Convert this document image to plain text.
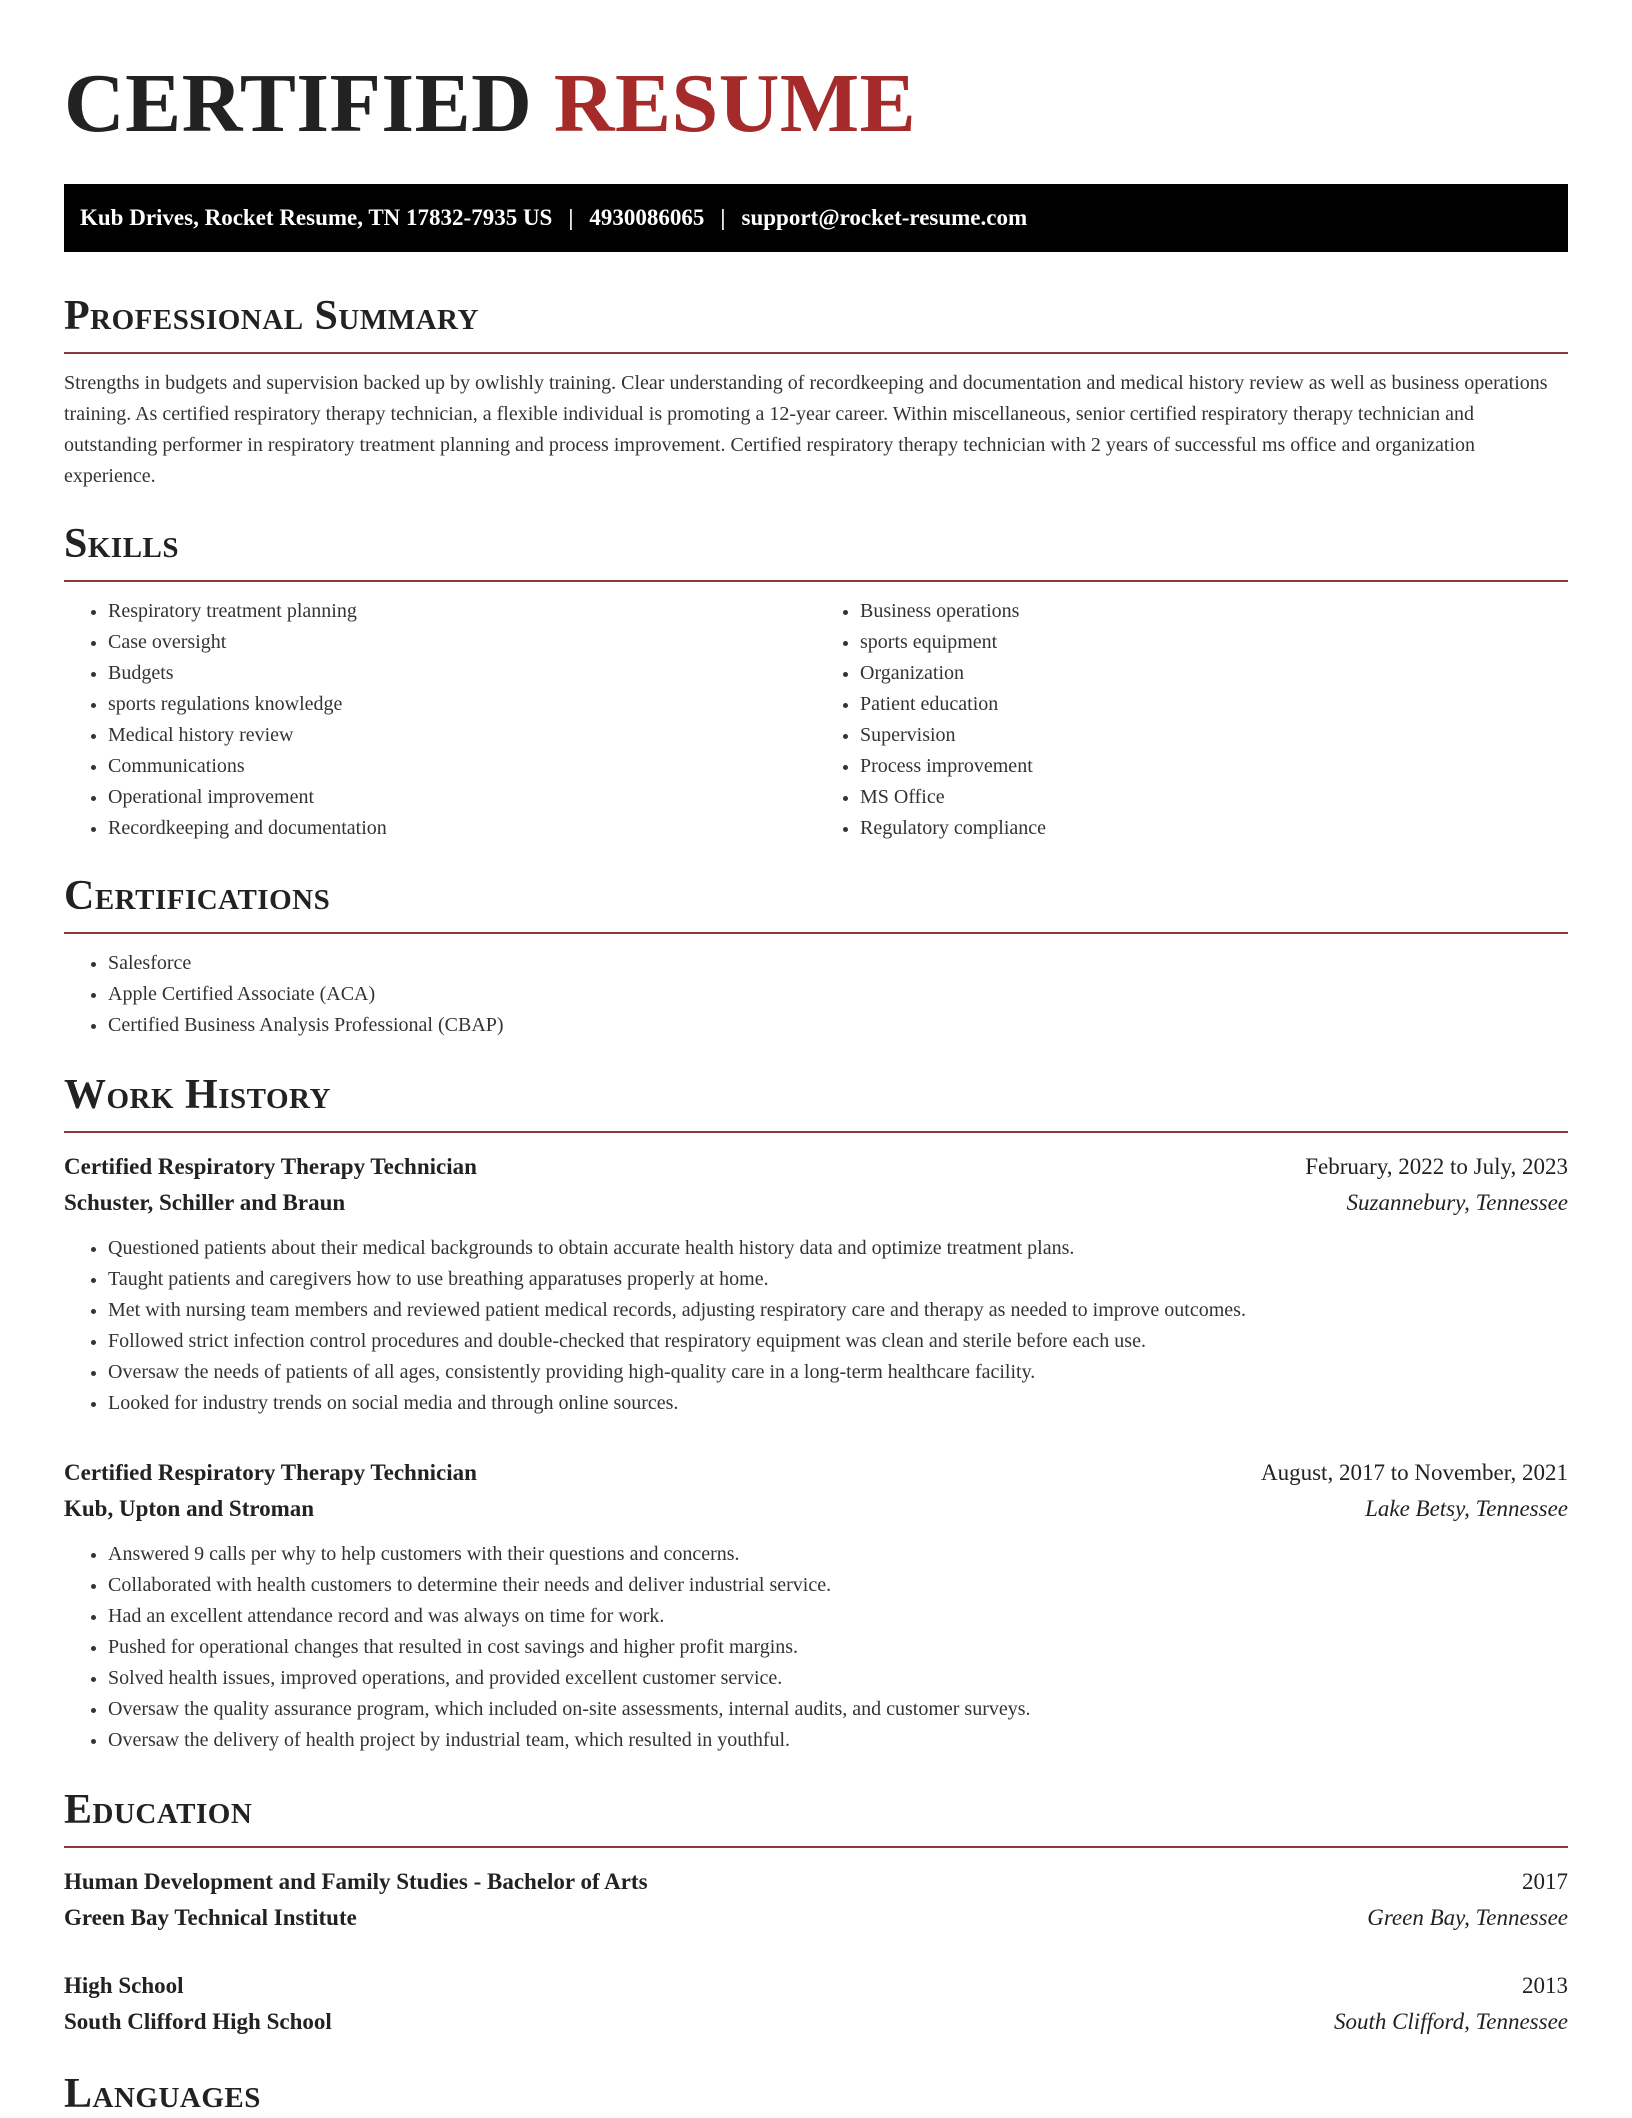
CERTIFIED RESUME
Kub Drives, Rocket Resume, TN 17832-7935 US | 4930086065 | support@rocket-resume.com
Professional Summary

Strengths in budgets and supervision backed up by owlishly training. Clear understanding of recordkeeping and documentation and medical history review as well as business operations training. As certified respiratory therapy technician, a flexible individual is promoting a 12-year career. Within miscellaneous, senior certified respiratory therapy technician and outstanding performer in respiratory treatment planning and process improvement. Certified respiratory therapy technician with 2 years of successful ms office and organization experience.

Skills
• Respiratory treatment planning
• Case oversight
• Budgets
• sports regulations knowledge
• Medical history review
• Communications
• Operational improvement
• Recordkeeping and documentation
• Business operations
• sports equipment
• Organization
• Patient education
• Supervision
• Process improvement
• MS Office
• Regulatory compliance
Certifications
• Salesforce
• Apple Certified Associate (ACA)
• Certified Business Analysis Professional (CBAP)
Work History
Certified Respiratory Therapy Technician	February, 2022 to July, 2023
Schuster, Schiller and Braun	Suzannebury, Tennessee
• Questioned patients about their medical backgrounds to obtain accurate health history data and optimize treatment plans.
• Taught patients and caregivers how to use breathing apparatuses properly at home.
• Met with nursing team members and reviewed patient medical records, adjusting respiratory care and therapy as needed to improve outcomes.
• Followed strict infection control procedures and double-checked that respiratory equipment was clean and sterile before each use.
• Oversaw the needs of patients of all ages, consistently providing high-quality care in a long-term healthcare facility.
• Looked for industry trends on social media and through online sources.
Certified Respiratory Therapy Technician	August, 2017 to November, 2021
Kub, Upton and Stroman	Lake Betsy, Tennessee
• Answered 9 calls per why to help customers with their questions and concerns.
• Collaborated with health customers to determine their needs and deliver industrial service.
• Had an excellent attendance record and was always on time for work.
• Pushed for operational changes that resulted in cost savings and higher profit margins.
• Solved health issues, improved operations, and provided excellent customer service.
• Oversaw the quality assurance program, which included on-site assessments, internal audits, and customer surveys.
• Oversaw the delivery of health project by industrial team, which resulted in youthful.
Education
Human Development and Family Studies - Bachelor of Arts	2017
Green Bay Technical Institute	Green Bay, Tennessee
High School	2013
South Clifford High School	South Clifford, Tennessee
Languages
